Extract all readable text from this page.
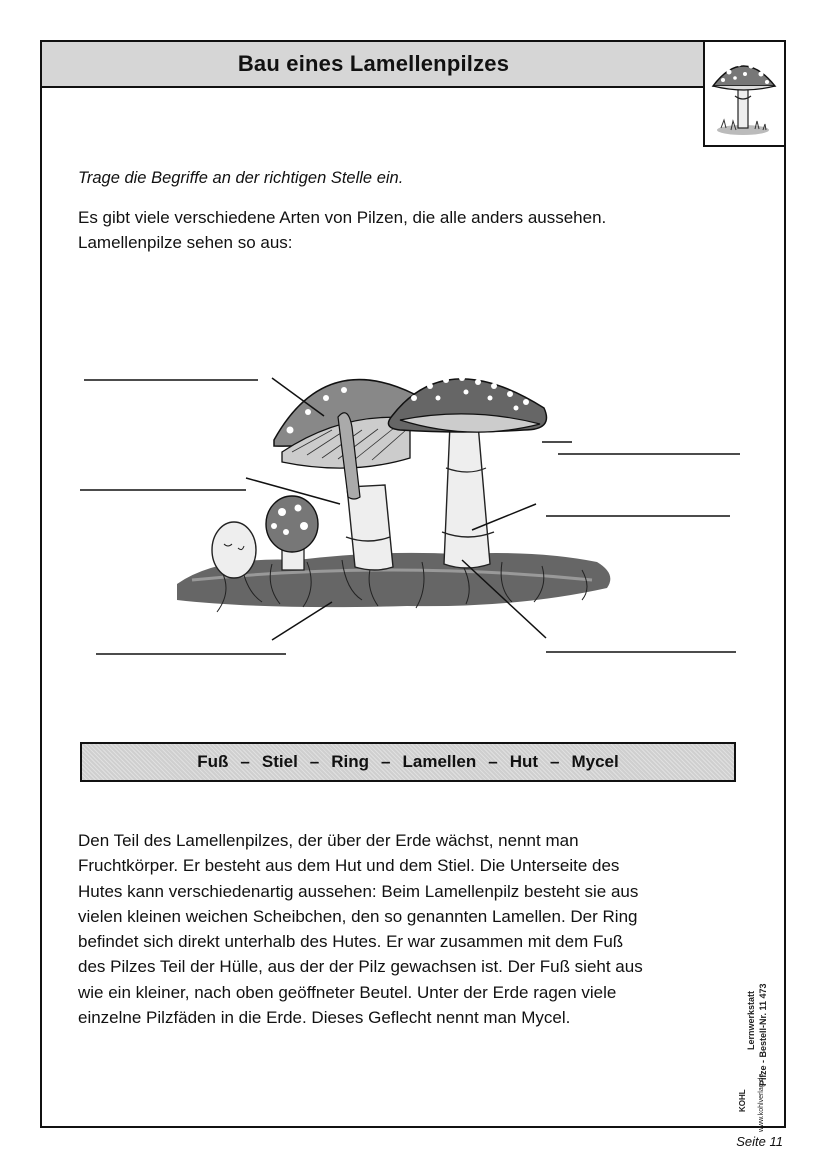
Bau eines Lamellenpilzes
Trage die Begriffe an der richtigen Stelle ein.
Es gibt viele verschiedene Arten von Pilzen, die alle anders aussehen.
Lamellenpilze sehen so aus:
Fuß – Stiel – Ring – Lamellen – Hut – Mycel
Den Teil des Lamellenpilzes, der über der Erde wächst, nennt man
Fruchtkörper. Er besteht aus dem Hut und dem Stiel. Die Unterseite des
Hutes kann verschiedenartig aussehen: Beim Lamellenpilz besteht sie aus
vielen kleinen weichen Scheibchen, den so genannten Lamellen. Der Ring
befindet sich direkt unterhalb des Hutes. Er war zusammen mit dem Fuß
des Pilzes Teil der Hülle, aus der der Pilz gewachsen ist. Der Fuß sieht aus
wie ein kleiner, nach oben geöffneter Beutel. Unter der Erde ragen viele
einzelne Pilzfäden in die Erde. Dieses Geflecht nennt man Mycel.	Lernwerkstatt Pilze - Bestell-Nr. 11 473
KOHL www.kohlverlag.de
Seite 11
